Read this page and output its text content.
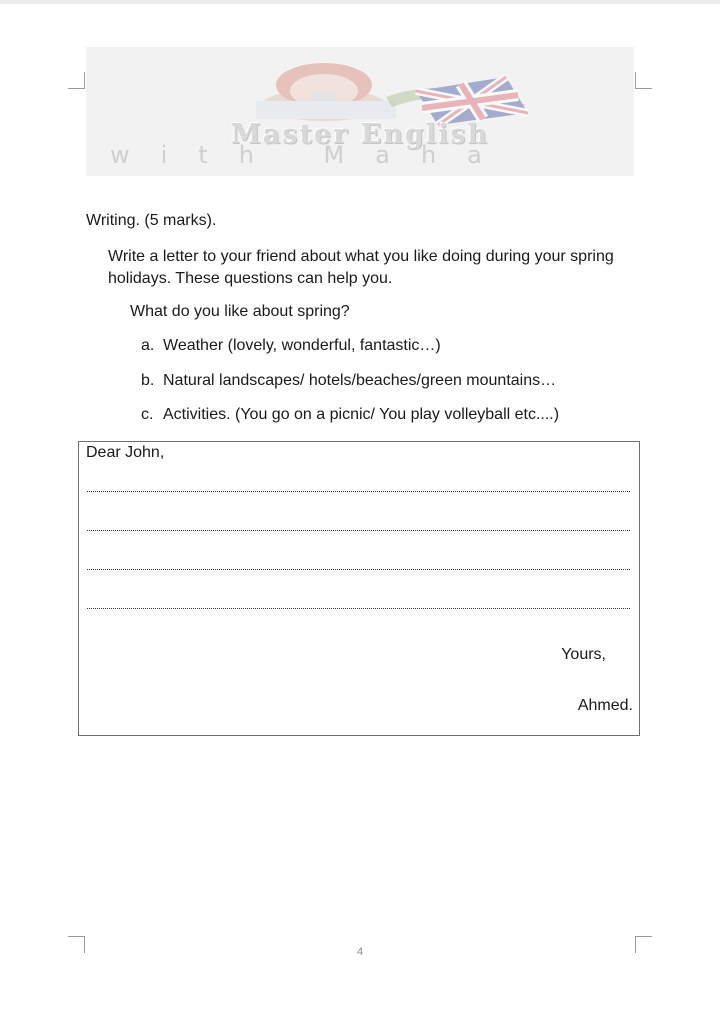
Master English
with Maha
Writing. (5 marks).
Write a letter to your friend about what you like doing during your spring holidays. These questions can help you.
What do you like about spring?
a. Weather (lovely, wonderful, fantastic…)
b. Natural landscapes/ hotels/beaches/green mountains…
c. Activities. (You go on a picnic/ You play volleyball etc....)
Dear John,
Yours,
Ahmed.
4
